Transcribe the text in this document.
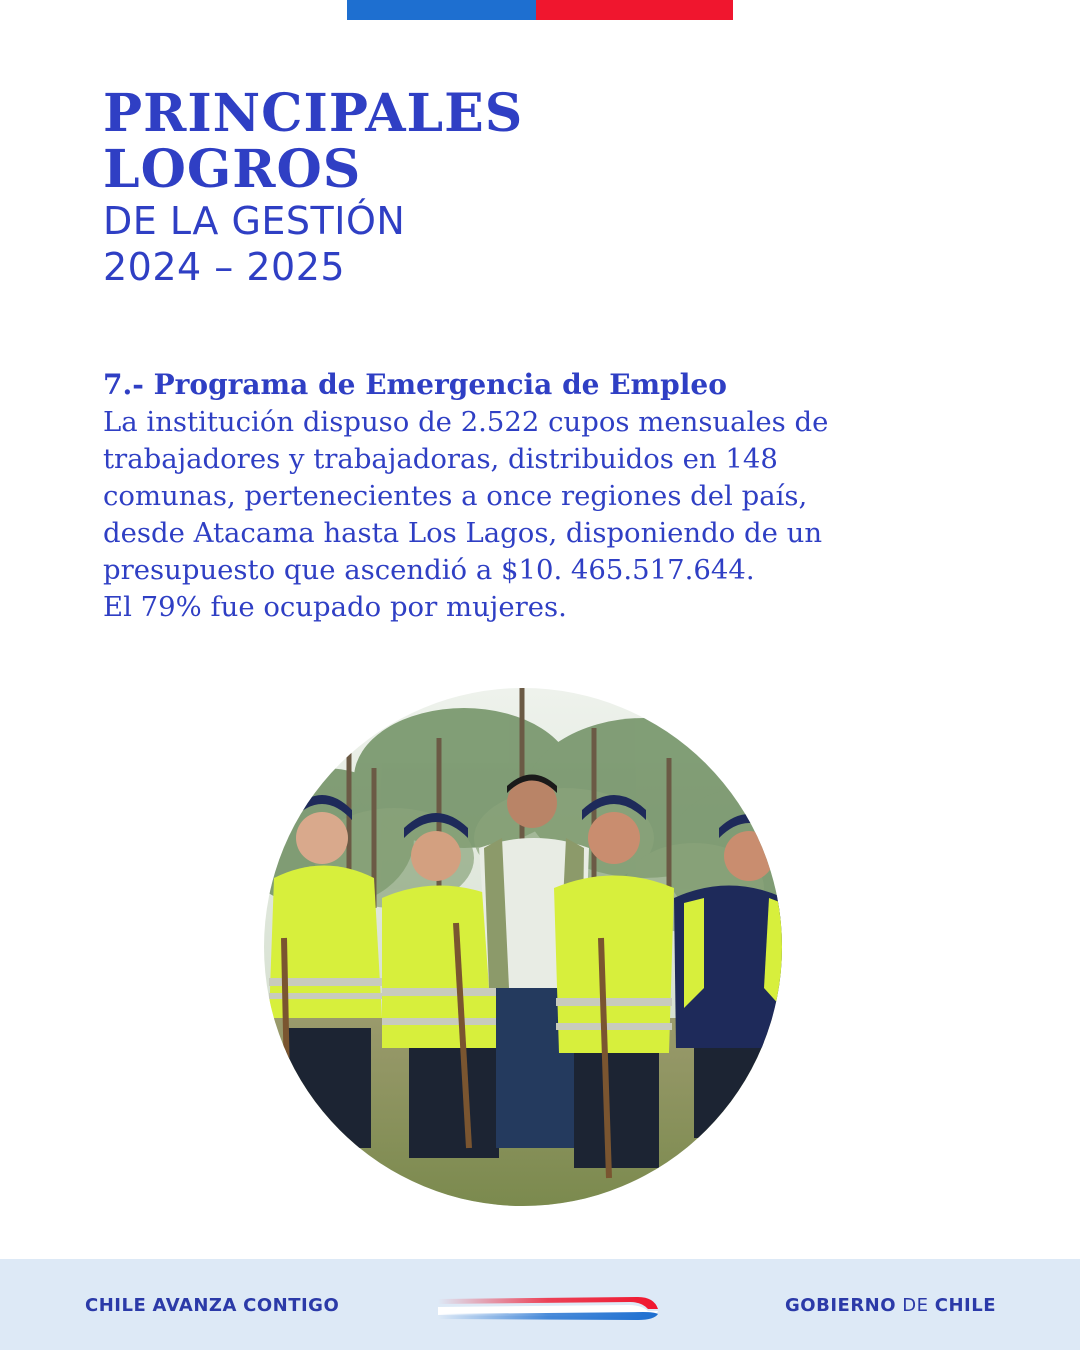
PRINCIPALES
LOGROS
DE LA GESTIÓN
2024 – 2025
7.- Programa de Emergencia de Empleo
La institución dispuso de 2.522 cupos mensuales de
trabajadores y trabajadoras, distribuidos en 148
comunas, pertenecientes a once regiones del país,
desde Atacama hasta Los Lagos, disponiendo de un
presupuesto que ascendió a $10. 465.517.644.
El 79% fue ocupado por mujeres.
CHILE AVANZA CONTIGO	GOBIERNO DE CHILE
